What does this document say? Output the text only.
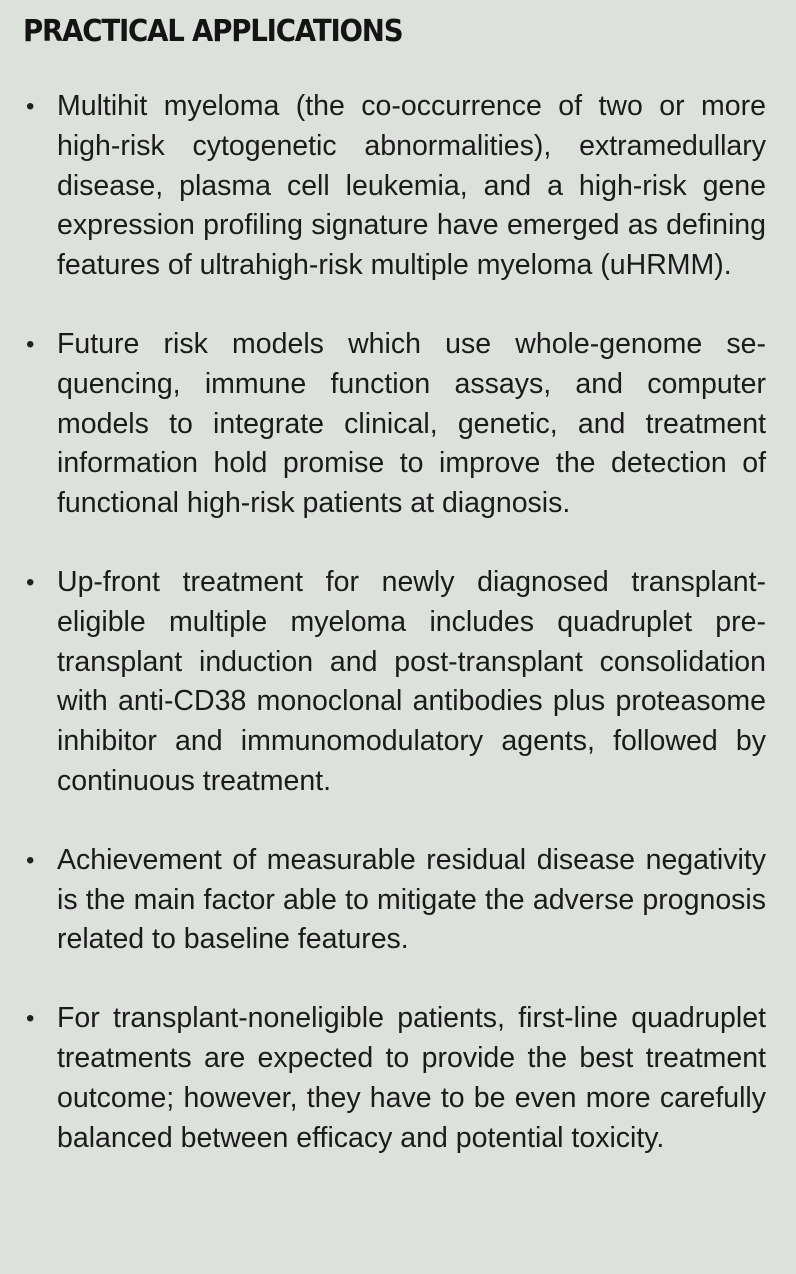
PRACTICAL APPLICATIONS
• Multihit myeloma (the co-occurrence of two or more high-risk cytogenetic abnormalities), extramedullary disease, plasma cell leukemia, and a high-risk gene expression profiling signature have emerged as defining features of ultrahigh-risk multiple myeloma (uHRMM).
• Future risk models which use whole-genome sequencing, immune function assays, and computer models to integrate clinical, genetic, and treatment information hold promise to improve the detection of functional high-risk patients at diagnosis.
• Up-front treatment for newly diagnosed transplant-eligible multiple myeloma includes quadruplet pretransplant induction and post-transplant consolidation with anti-CD38 monoclonal antibodies plus proteasome inhibitor and immunomodulatory agents, followed by continuous treatment.
• Achievement of measurable residual disease negativity is the main factor able to mitigate the adverse prognosis related to baseline features.
• For transplant-noneligible patients, first-line quadruplet treatments are expected to provide the best treatment outcome; however, they have to be even more carefully balanced between efficacy and potential toxicity.
